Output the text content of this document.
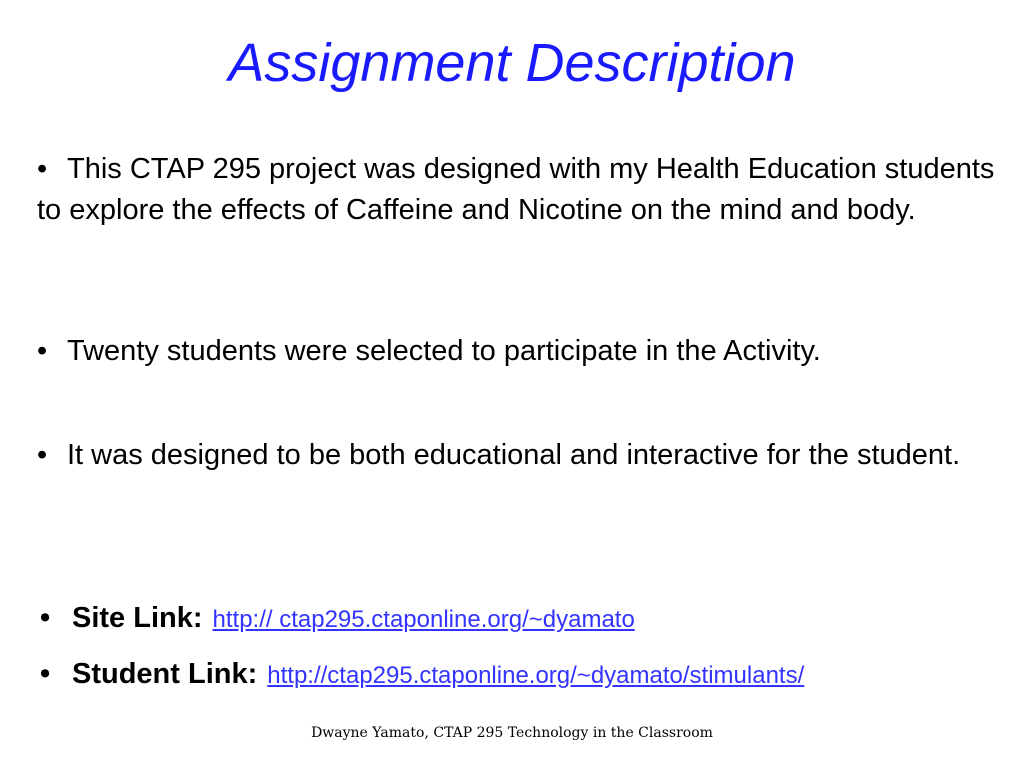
Assignment Description
• This CTAP 295 project was designed with my Health Education students to explore the effects of Caffeine and Nicotine on the mind and body.
• Twenty students were selected to participate in the Activity.
• It was designed to be both educational and interactive for the student.
• Site Link: http:// ctap295.ctaponline.org/~dyamato
• Student Link: http://ctap295.ctaponline.org/~dyamato/stimulants/
Dwayne Yamato, CTAP 295 Technology in the Classroom
